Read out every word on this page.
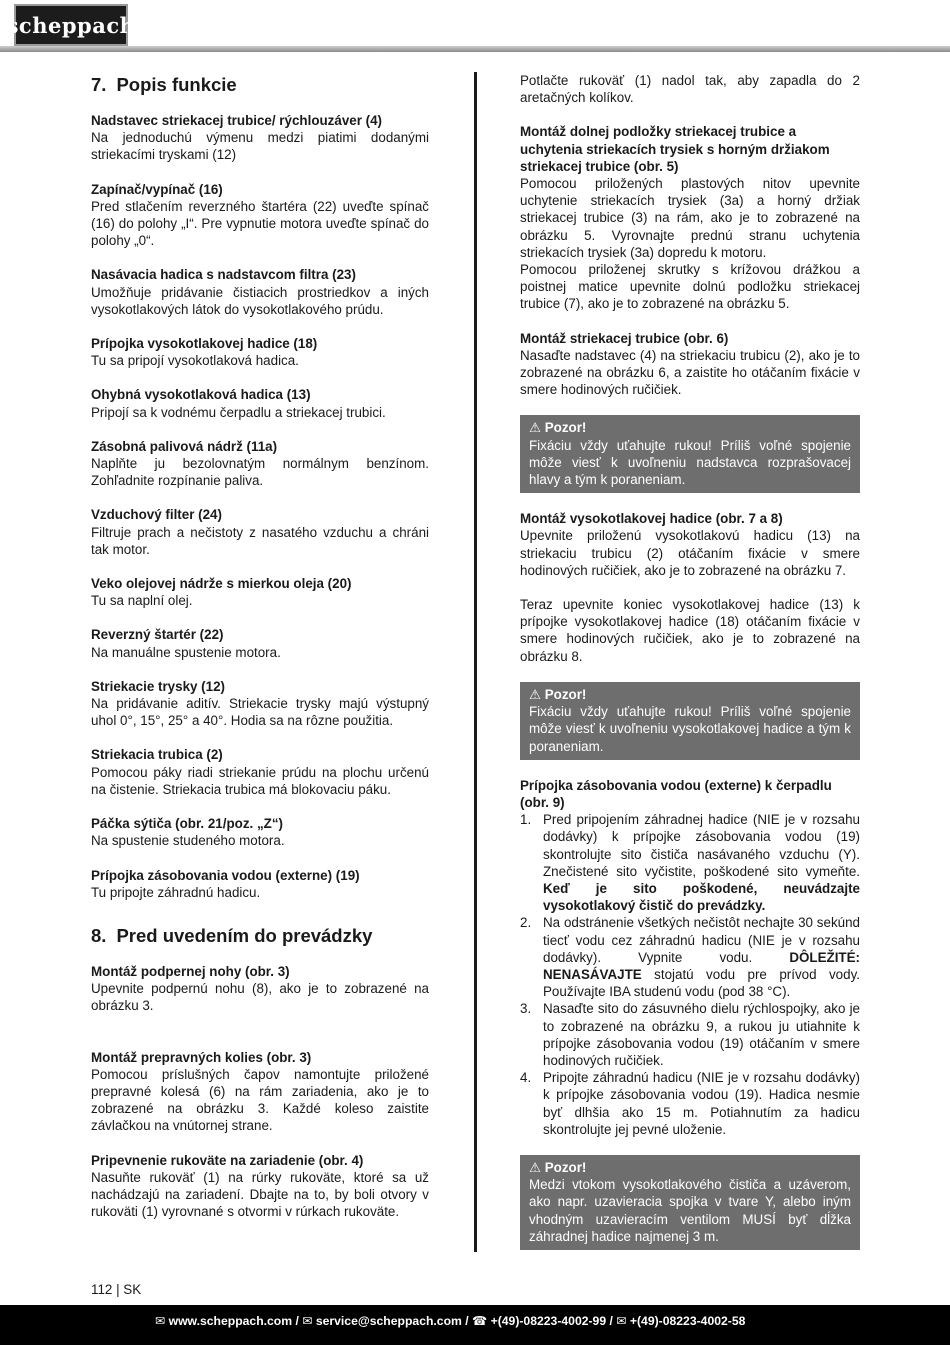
scheppach
7. Popis funkcie
Nadstavec striekacej trubice/ rýchlouzáver (4)
Na jednoduchú výmenu medzi piatimi dodanými striekacími tryskami (12)
Zapínač/vypínač (16)
Pred stlačením reverzného štartéra (22) uveďte spínač (16) do polohy „I“. Pre vypnutie motora uveďte spínač do polohy „0“.
Nasávacia hadica s nadstavcom filtra (23)
Umožňuje pridávanie čistiacich prostriedkov a iných vysokotlakových látok do vysokotlakového prúdu.
Prípojka vysokotlakovej hadice (18)
Tu sa pripojí vysokotlaková hadica.
Ohybná vysokotlaková hadica (13)
Pripojí sa k vodnému čerpadlu a striekacej trubici.
Zásobná palivová nádrž (11a)
Naplňte ju bezolovnatým normálnym benzínom. Zohľadnite rozpínanie paliva.
Vzduchový filter (24)
Filtruje prach a nečistoty z nasatého vzduchu a chráni tak motor.
Veko olejovej nádrže s mierkou oleja (20)
Tu sa naplní olej.
Reverzný štartér (22)
Na manuálne spustenie motora.
Striekacie trysky (12)
Na pridávanie aditív. Striekacie trysky majú výstupný uhol 0°, 15°, 25° a 40°. Hodia sa na rôzne použitia.
Striekacia trubica (2)
Pomocou páky riadi striekanie prúdu na plochu určenú na čistenie. Striekacia trubica má blokovaciu páku.
Páčka sýtiča (obr. 21/poz. „Z“)
Na spustenie studeného motora.
Prípojka zásobovania vodou (externe) (19)
Tu pripojte záhradnú hadicu.
8. Pred uvedením do prevádzky
Montáž podpernej nohy (obr. 3)
Upevnite podpernú nohu (8), ako je to zobrazené na obrázku 3.
Montáž prepravných kolies (obr. 3)
Pomocou príslušných čapov namontujte priložené prepravné kolesá (6) na rám zariadenia, ako je to zobrazené na obrázku 3. Každé koleso zaistite závlačkou na vnútornej strane.
Pripevnenie rukoväte na zariadenie (obr. 4)
Nasuňte rukoväť (1) na rúrky rukoväte, ktoré sa už nachádzajú na zariadení. Dbajte na to, by boli otvory v rukoväti (1) vyrovnané s otvormi v rúrkach rukoväte.
Potlačte rukoväť (1) nadol tak, aby zapadla do 2 aretačných kolíkov.
Montáž dolnej podložky striekacej trubice a uchytenia striekacích trysiek s horným držiakom striekacej trubice (obr. 5)
Pomocou priložených plastových nitov upevnite uchytenie striekacích trysiek (3a) a horný držiak striekacej trubice (3) na rám, ako je to zobrazené na obrázku 5. Vyrovnajte prednú stranu uchytenia striekacích trysiek (3a) dopredu k motoru.
Pomocou priloženej skrutky s krížovou drážkou a poistnej matice upevnite dolnú podložku striekacej trubice (7), ako je to zobrazené na obrázku 5.
Montáž striekacej trubice (obr. 6)
Nasaďte nadstavec (4) na striekaciu trubicu (2), ako je to zobrazené na obrázku 6, a zaistite ho otáčaním fixácie v smere hodinových ručičiek.
⚠ Pozor!
Fixáciu vždy uťahujte rukou! Príliš voľné spojenie môže viesť k uvoľneniu nadstavca rozprašovacej hlavy a tým k poraneniam.
Montáž vysokotlakovej hadice (obr. 7 a 8)
Upevnite priloženú vysokotlakovú hadicu (13) na striekaciu trubicu (2) otáčaním fixácie v smere hodinových ručičiek, ako je to zobrazené na obrázku 7.
Teraz upevnite koniec vysokotlakovej hadice (13) k prípojke vysokotlakovej hadice (18) otáčaním fixácie v smere hodinových ručičiek, ako je to zobrazené na obrázku 8.
⚠ Pozor!
Fixáciu vždy uťahujte rukou! Príliš voľné spojenie môže viesť k uvoľneniu vysokotlakovej hadice a tým k poraneniam.
Prípojka zásobovania vodou (externe) k čerpadlu (obr. 9)
1. Pred pripojením záhradnej hadice (NIE je v rozsahu dodávky) k prípojke zásobovania vodou (19) skontrolujte sito čističa nasávaného vzduchu (Y). Znečistené sito vyčistite, poškodené sito vymeňte. Keď je sito poškodené, neuvádzajte vysokotlakový čistič do prevádzky.
2. Na odstránenie všetkých nečistôt nechajte 30 sekúnd tiecť vodu cez záhradnú hadicu (NIE je v rozsahu dodávky). Vypnite vodu.	DÔLEŽITÉ: NENASÁVAJTE stojatú vodu pre prívod vody. Používajte IBA studenú vodu (pod 38 °C).
3. Nasaďte sito do zásuvného dielu rýchlospojky, ako je to zobrazené na obrázku 9, a rukou ju utiahnite k prípojke zásobovania vodou (19) otáčaním v smere hodinových ručičiek.
4. Pripojte záhradnú hadicu (NIE je v rozsahu dodávky) k prípojke zásobovania vodou (19). Hadica nesmie byť dlhšia ako 15 m. Potiahnutím za hadicu skontrolujte jej pevné uloženie.
⚠ Pozor!
Medzi vtokom vysokotlakového čističa a uzáverom, ako napr. uzavieracia spojka v tvare Y, alebo iným vhodným uzavieracím ventilom MUSÍ byť dĺžka záhradnej hadice najmenej 3 m.
112 | SK
✉ www.scheppach.com / ✉ service@scheppach.com / ☎ +(49)-08223-4002-99 / ✉ +(49)-08223-4002-58
